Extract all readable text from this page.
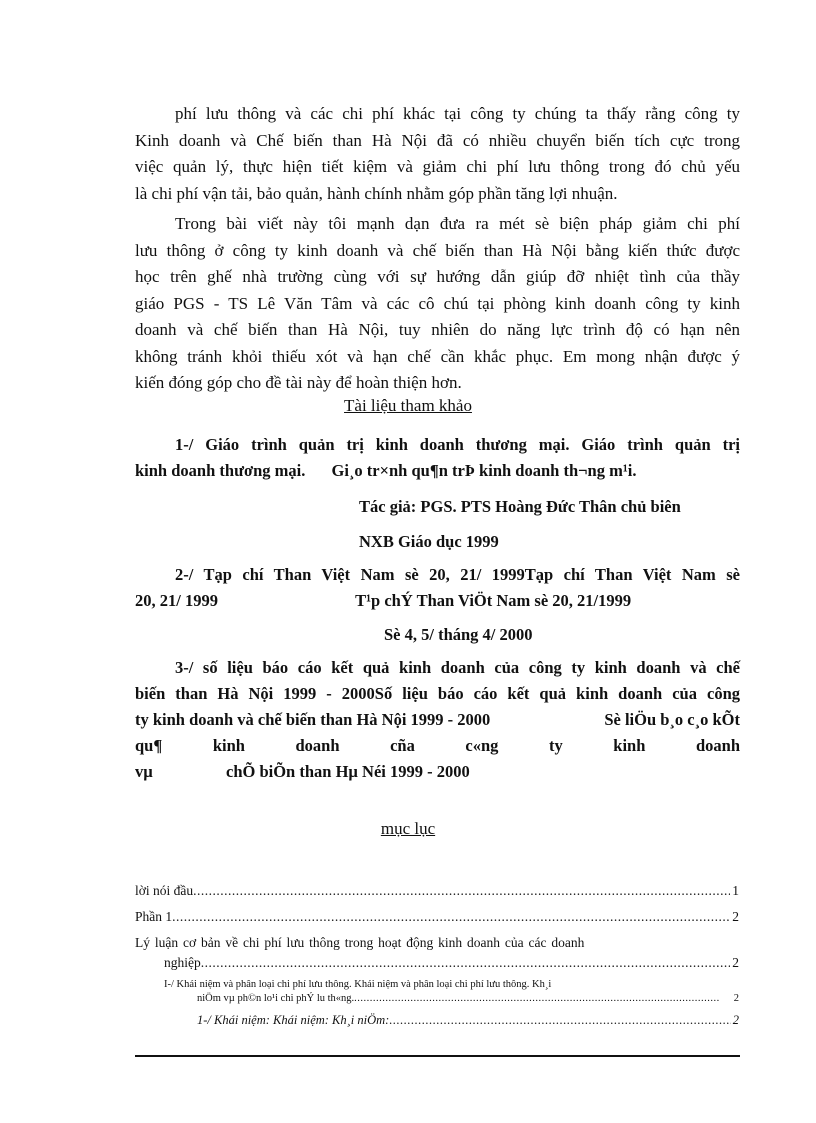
phí lưu thông và các chi phí khác tại công ty chúng ta thấy rằng công ty
Kinh doanh và Chế biến than Hà Nội đã có nhiều chuyển biến tích cực trong
việc quản lý, thực hiện tiết kiệm và giảm chi phí lưu thông trong đó chủ yếu
là chi phí vận tải, bảo quản, hành chính nhằm góp phần tăng lợi nhuận.
Trong bài viết này tôi mạnh dạn đưa ra mét sè biện pháp giảm chi phí
lưu thông ở công ty kinh doanh và chế biến than Hà Nội bằng kiến thức được
học trên ghế nhà trường cùng với sự hướng dẫn giúp đỡ nhiệt tình của thầy
giáo PGS - TS Lê Văn Tâm và các cô chú tại phòng kinh doanh công ty kinh
doanh và chế biến than Hà Nội, tuy nhiên do năng lực trình độ có hạn nên
không tránh khỏi thiếu xót và hạn chế cần khắc phục. Em mong nhận được ý
kiến đóng góp cho đề tài này để hoàn thiện hơn.
Tài liệu tham khảo
1-/ Giáo trình quản trị kinh doanh thương mại. Giáo trình quản trị
kinh doanh thương mại. Gi¸o tr×nh qu¶n trÞ kinh doanh th¬ng m¹i.
Tác giả: PGS. PTS Hoàng Đức Thân chủ biên
NXB Giáo dục 1999
2-/ Tạp chí Than Việt Nam sè 20, 21/ 1999Tạp chí Than Việt Nam sè
20, 21/ 1999	T¹p chÝ Than ViÖt Nam sè 20, 21/1999
Sè 4, 5/ tháng 4/ 2000
3-/ số liệu báo cáo kết quả kinh doanh của công ty kinh doanh và chế
biến than Hà Nội 1999 - 2000Số liệu báo cáo kết quả kinh doanh của công
ty kinh doanh và chế biến than Hà Nội 1999 - 2000	Sè liÖu b¸o c¸o kÕt
qu¶ kinh doanh cña c«ng ty kinh doanh vµ	chÕ biÕn than Hµ Néi 1999 - 2000
mục lục
lời nói đầu .....	1
Phần 1 .....	2
Lý luận cơ bản về chi phí lưu thông trong hoạt động kinh doanh của các doanh
nghiệp .....	2
I-/ Khái niệm và phân loại chi phí lưu thông. Khái niệm và phân loại chi phí lưu thông. Kh¸i
niÖm vµ ph©n lo¹i chi phÝ lu th«ng. .....	2
1-/ Khái niệm: Khái niệm: Kh¸i niÖm: .....	2
